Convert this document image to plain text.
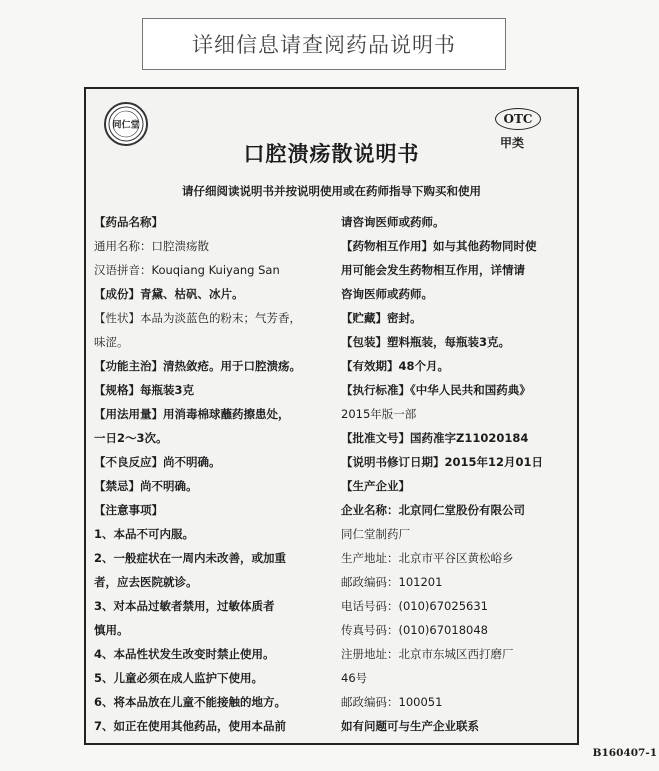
详细信息请查阅药品说明书
同仁堂	OTC
甲类
口腔溃疡散说明书
请仔细阅读说明书并按说明使用或在药师指导下购买和使用
【药品名称】
通用名称：口腔溃疡散
汉语拼音：Kouqiang Kuiyang San
【成份】青黛、枯矾、冰片。
【性状】本品为淡蓝色的粉末；气芳香，
味涩。
【功能主治】清热敛疮。用于口腔溃疡。
【规格】每瓶装3克
【用法用量】用消毒棉球蘸药擦患处，
一日2～3次。
【不良反应】尚不明确。
【禁忌】尚不明确。
【注意事项】
1、本品不可内服。
2、一般症状在一周内未改善，或加重
者，应去医院就诊。
3、对本品过敏者禁用，过敏体质者
慎用。
4、本品性状发生改变时禁止使用。
5、儿童必须在成人监护下使用。
6、将本品放在儿童不能接触的地方。
7、如正在使用其他药品，使用本品前
请咨询医师或药师。
【药物相互作用】如与其他药物同时使
用可能会发生药物相互作用，详情请
咨询医师或药师。
【贮藏】密封。
【包装】塑料瓶装，每瓶装3克。
【有效期】48个月。
【执行标准】《中华人民共和国药典》
2015年版一部
【批准文号】国药准字Z11020184
【说明书修订日期】2015年12月01日
【生产企业】
企业名称：北京同仁堂股份有限公司
同仁堂制药厂
生产地址：北京市平谷区黄松峪乡
邮政编码：101201
电话号码：(010)67025631
传真号码：(010)67018048
注册地址：北京市东城区西打磨厂
46号
邮政编码：100051
如有问题可与生产企业联系
B160407-1
